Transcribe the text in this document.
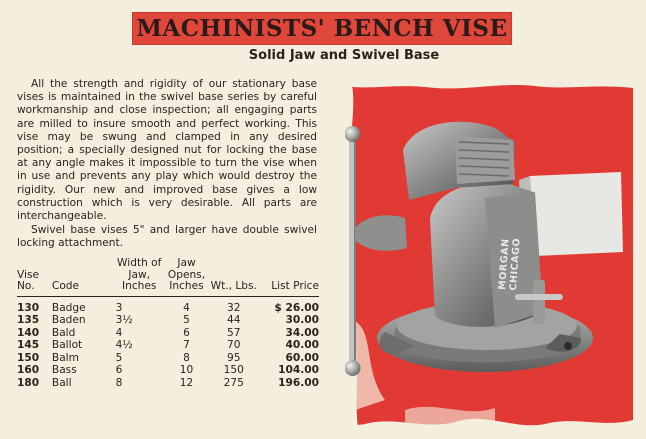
MACHINISTS' BENCH VISE
Solid Jaw and Swivel Base

All the strength and rigidity of our stationary base vises is maintained in the swivel base series by careful workmanship and close inspection; all engaging parts are milled to insure smooth and perfect working. This vise may be swung and clamped in any desired position; a specially designed nut for locking the base at any angle makes it impossible to turn the vise when in use and prevents any play which would destroy the rigidity. Our new and improved base gives a low construction which is very desirable. All parts are interchangeable.

Swivel base vises 5" and larger have double swivel locking attachment.

Vise No.	Code	Width of Jaw, Inches	Jaw Opens, Inches	Wt., Lbs.	List Price
130	Badge	3	4	32	$ 26.00
135	Baden	3½	5	44	30.00
140	Bald	4	6	57	34.00
145	Ballot	4½	7	70	40.00
150	Balm	5	8	95	60.00
160	Bass	6	10	150	104.00
180	Ball	8	12	275	196.00
MORGAN CHICAGO
